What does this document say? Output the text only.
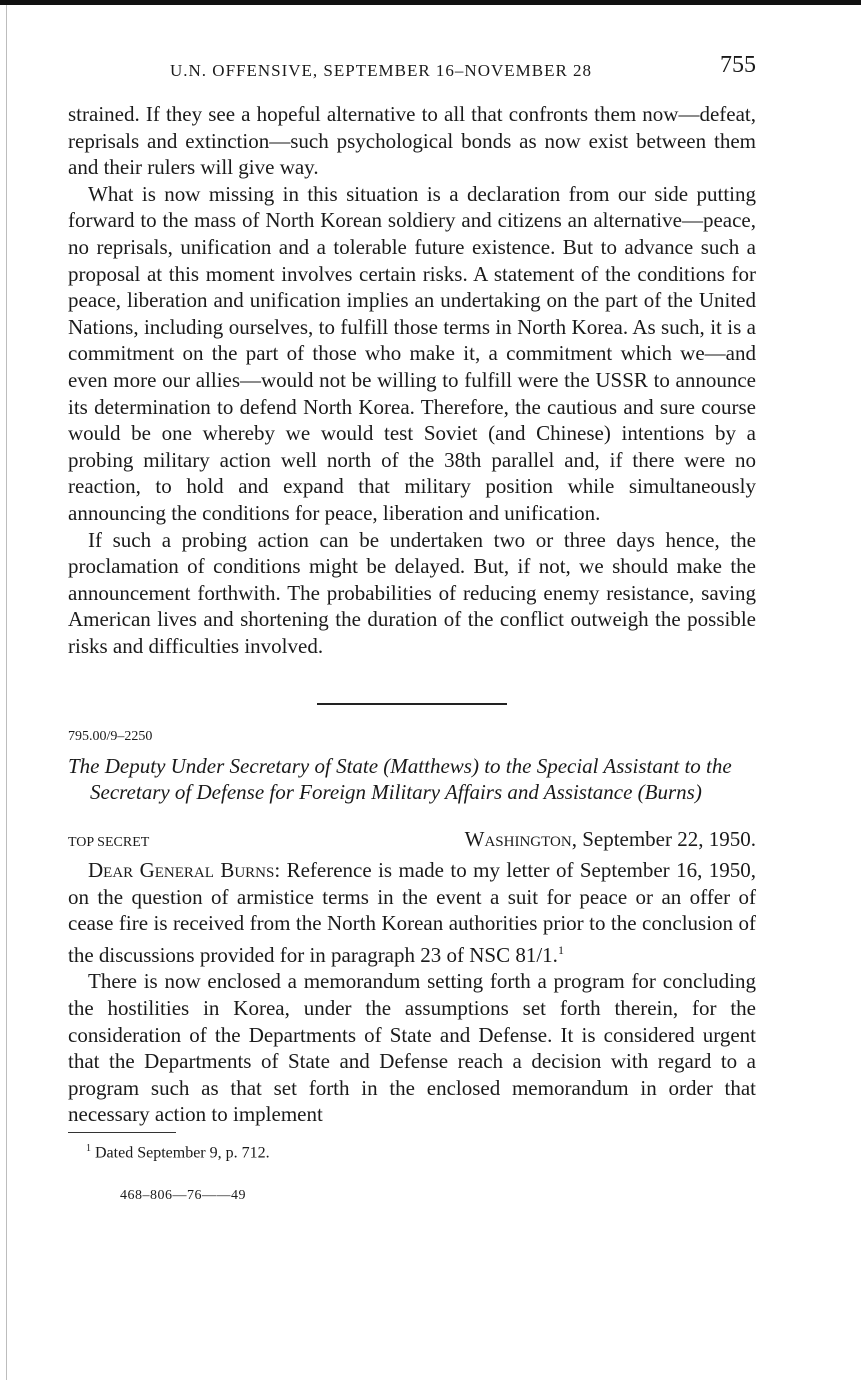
U.N. OFFENSIVE, SEPTEMBER 16–NOVEMBER 28	755

strained. If they see a hopeful alternative to all that confronts them now—defeat, reprisals and extinction—such psychological bonds as now exist between them and their rulers will give way.

What is now missing in this situation is a declaration from our side putting forward to the mass of North Korean soldiery and citizens an alternative—peace, no reprisals, unification and a tolerable future existence. But to advance such a proposal at this moment involves certain risks. A statement of the conditions for peace, liberation and unification implies an undertaking on the part of the United Nations, including ourselves, to fulfill those terms in North Korea. As such, it is a commitment on the part of those who make it, a commitment which we—and even more our allies—would not be willing to fulfill were the USSR to announce its determination to defend North Korea. Therefore, the cautious and sure course would be one whereby we would test Soviet (and Chinese) intentions by a probing military action well north of the 38th parallel and, if there were no reaction, to hold and expand that military position while simultaneously announcing the conditions for peace, liberation and unification.

If such a probing action can be undertaken two or three days hence, the proclamation of conditions might be delayed. But, if not, we should make the announcement forthwith. The probabilities of reducing enemy resistance, saving American lives and shortening the duration of the conflict outweigh the possible risks and difficulties involved.

795.00/9–2250
The Deputy Under Secretary of State (Matthews) to the Special Assistant to the Secretary of Defense for Foreign Military Affairs and Assistance (Burns)
TOP SECRET	Washington, September 22, 1950.

Dear General Burns: Reference is made to my letter of September 16, 1950, on the question of armistice terms in the event a suit for peace or an offer of cease fire is received from the North Korean authorities prior to the conclusion of the discussions provided for in paragraph 23 of NSC 81/1.$^1$

There is now enclosed a memorandum setting forth a program for concluding the hostilities in Korea, under the assumptions set forth therein, for the consideration of the Departments of State and Defense. It is considered urgent that the Departments of State and Defense reach a decision with regard to a program such as that set forth in the enclosed memorandum in order that necessary action to implement

$^1$ Dated September 9, p. 712.
468–806—76——49
